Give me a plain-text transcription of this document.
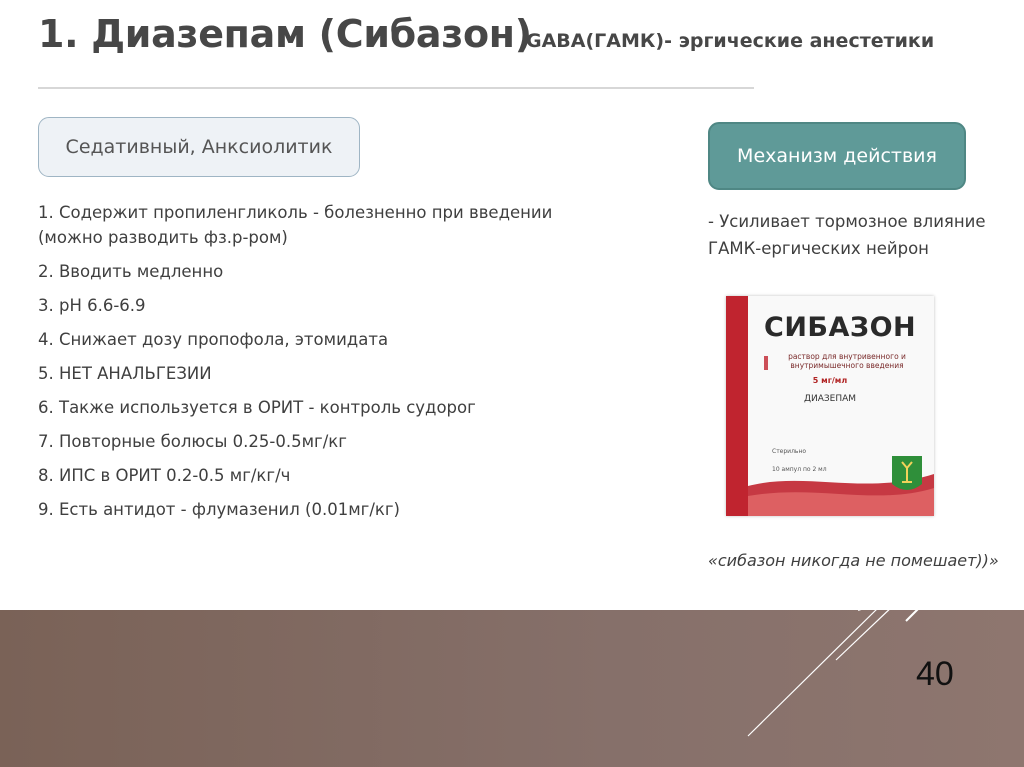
1. Диазепам (Сибазон)
GABA(ГАМК)- эргические анестетики
Седативный, Анксиолитик	Механизм действия
1. Содержит пропиленгликоль - болезненно при введении (можно разводить фз.р-ром)
2. Вводить медленно
3. pH 6.6-6.9
4. Снижает дозу пропофола, этомидата
5. НЕТ АНАЛЬГЕЗИИ
6. Также используется в ОРИТ - контроль судорог
7. Повторные болюсы 0.25-0.5мг/кг
8. ИПС в ОРИТ 0.2-0.5 мг/кг/ч
9. Есть антидот - флумазенил (0.01мг/кг)
- Усиливает тормозное влияние ГАМК-ергических нейрон
СИБАЗОН
раствор для внутривенного и внутримышечного введения
5 мг/мл
ДИАЗЕПАМ
Стерильно
10 ампул по 2 мл
«сибазон никогда не помешает))»
40
